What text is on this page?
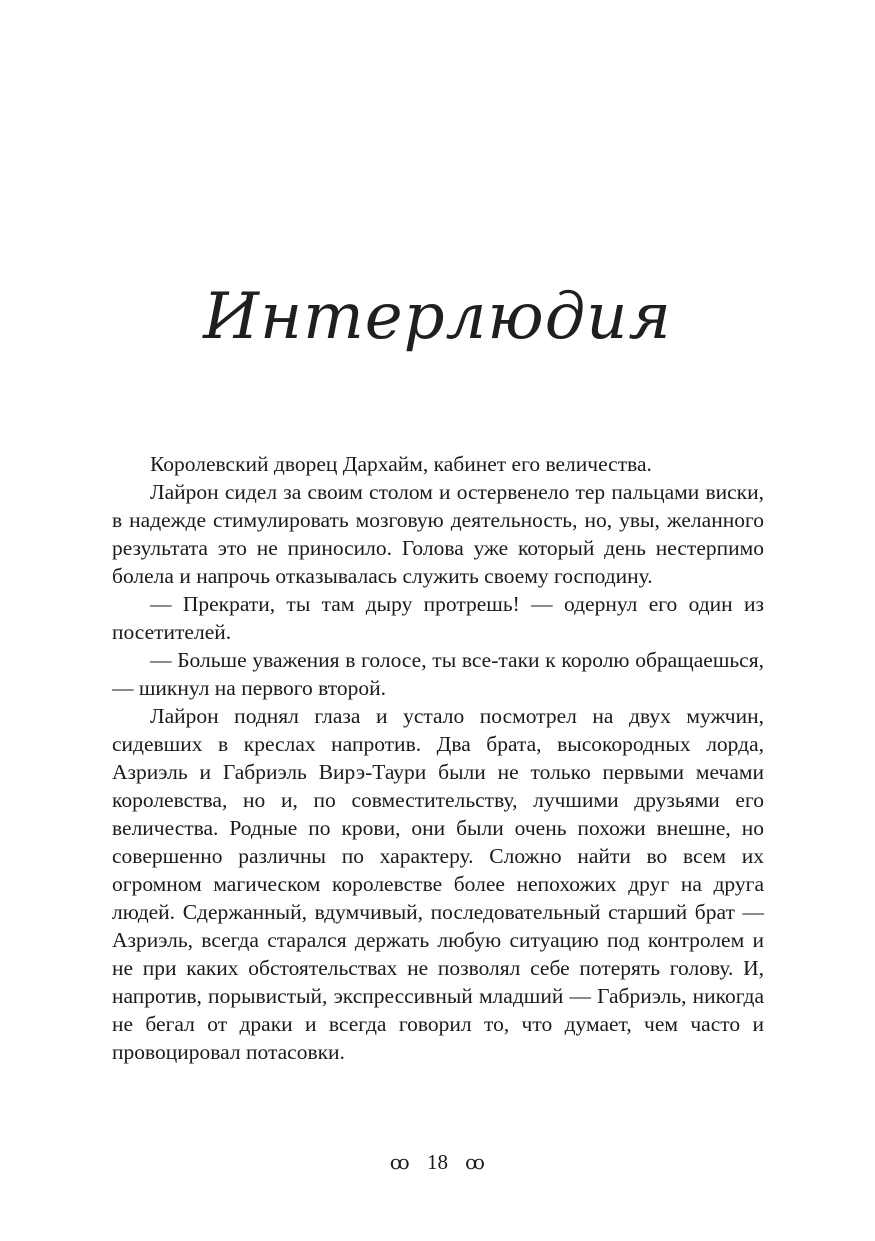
Интерлюдия

Королевский дворец Дархайм, кабинет его величества.

Лайрон сидел за своим столом и остервенело тер пальцами виски, в надежде стимулировать мозговую деятельность, но, увы, желанного результата это не приносило. Голова уже который день нестерпимо болела и напрочь отказывалась служить своему господину.

— Прекрати, ты там дыру протрешь! — одернул его один из посетителей.

— Больше уважения в голосе, ты все-таки к королю обращаешься, — шикнул на первого второй.

Лайрон поднял глаза и устало посмотрел на двух мужчин, сидевших в креслах напротив. Два брата, высокородных лорда, Азриэль и Габриэль Вирэ-Таури были не только первыми мечами королевства, но и, по совместительству, лучшими друзьями его величества. Родные по крови, они были очень похожи внешне, но совершенно различны по характеру. Сложно найти во всем их огромном магическом королевстве более непохожих друг на друга людей. Сдержанный, вдумчивый, последовательный старший брат — Азриэль, всегда старался держать любую ситуацию под контролем и не при каких обстоятельствах не позволял себе потерять голову. И, напротив, порывистый, экспрессивный младший — Габриэль, никогда не бегал от драки и всегда говорил то, что думает, чем часто и провоцировал потасовки.

ꝏ 18 ꝏ
